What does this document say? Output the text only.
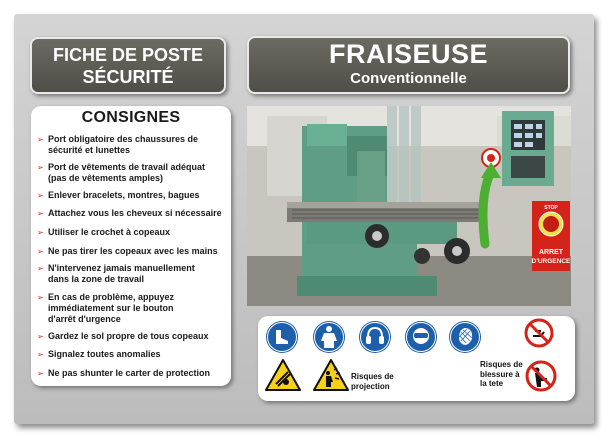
FICHE DE POSTE
SÉCURITÉ
FRAISEUSE
Conventionnelle
CONSIGNES
➢ Port obligatoire des chaussures de
sécurité et lunettes
➢ Port de vêtements de travail adéquat
(pas de vêtements amples)
➢ Enlever bracelets, montres, bagues
➢ Attachez vous les cheveux si nécessaire
➢ Utiliser le crochet à copeaux
➢ Ne pas tirer les copeaux avec les mains
➢ N'intervenez jamais manuellement
dans la zone de travail
➢ En cas de problème, appuyez
immédiatement sur le bouton
d'arrêt d'urgence
➢ Gardez le sol propre de tous copeaux
➢ Signalez toutes anomalies
➢ Ne pas shunter le carter de protection
STOP
ARRET
D'URGENCE
Risques de
projection
Risques de
blessure à
la tete
